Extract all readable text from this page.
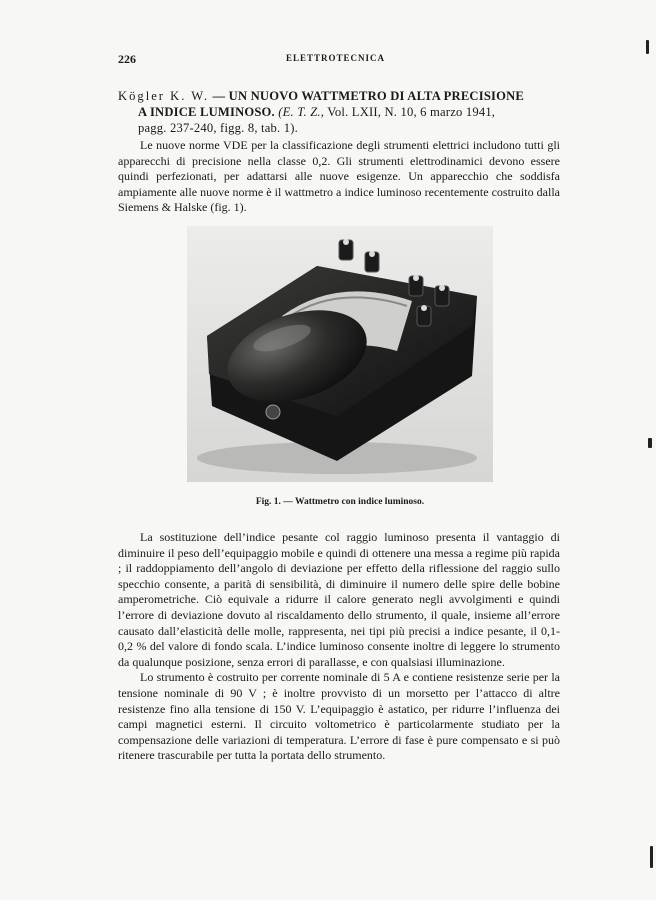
226	ELETTROTECNICA
Kögler K. W. — UN NUOVO WATTMETRO DI ALTA PRECISIONE
A INDICE LUMINOSO. (E. T. Z., Vol. LXII, N. 10, 6 marzo 1941,
pagg. 237-240, figg. 8, tab. 1).

Le nuove norme VDE per la classificazione degli strumenti elettrici includono tutti gli apparecchi di precisione nella classe 0,2. Gli strumenti elettrodinamici devono essere quindi perfezionati, per adattarsi alle nuove esigenze. Un apparecchio che soddisfa ampiamente alle nuove norme è il wattmetro a indice luminoso recentemente costruito dalla Siemens & Halske (fig. 1).

Fig. 1. — Wattmetro con indice luminoso.

La sostituzione dell’indice pesante col raggio luminoso presenta il vantaggio di diminuire il peso dell’equipaggio mobile e quindi di ottenere una messa a regime più rapida ; il raddoppiamento dell’angolo di deviazione per effetto della riflessione del raggio sullo specchio consente, a parità di sensibilità, di diminuire il numero delle spire delle bobine amperometriche. Ciò equivale a ridurre il calore generato negli avvolgimenti e quindi l’errore di deviazione dovuto al riscaldamento dello strumento, il quale, insieme all’errore causato dall’elasticità delle molle, rappresenta, nei tipi più precisi a indice pesante, il 0,1-0,2 % del valore di fondo scala. L’indice luminoso consente inoltre di leggere lo strumento da qualunque posizione, senza errori di parallasse, e con qualsiasi illuminazione.

Lo strumento è costruito per corrente nominale di 5 A e contiene resistenze serie per la tensione nominale di 90 V ; è inoltre provvisto di un morsetto per l’attacco di altre resistenze fino alla tensione di 150 V. L’equipaggio è astatico, per ridurre l’influenza dei campi magnetici esterni. Il circuito voltometrico è particolarmente studiato per la compensazione delle variazioni di temperatura. L’errore di fase è pure compensato e si può ritenere trascurabile per tutta la portata dello strumento.
